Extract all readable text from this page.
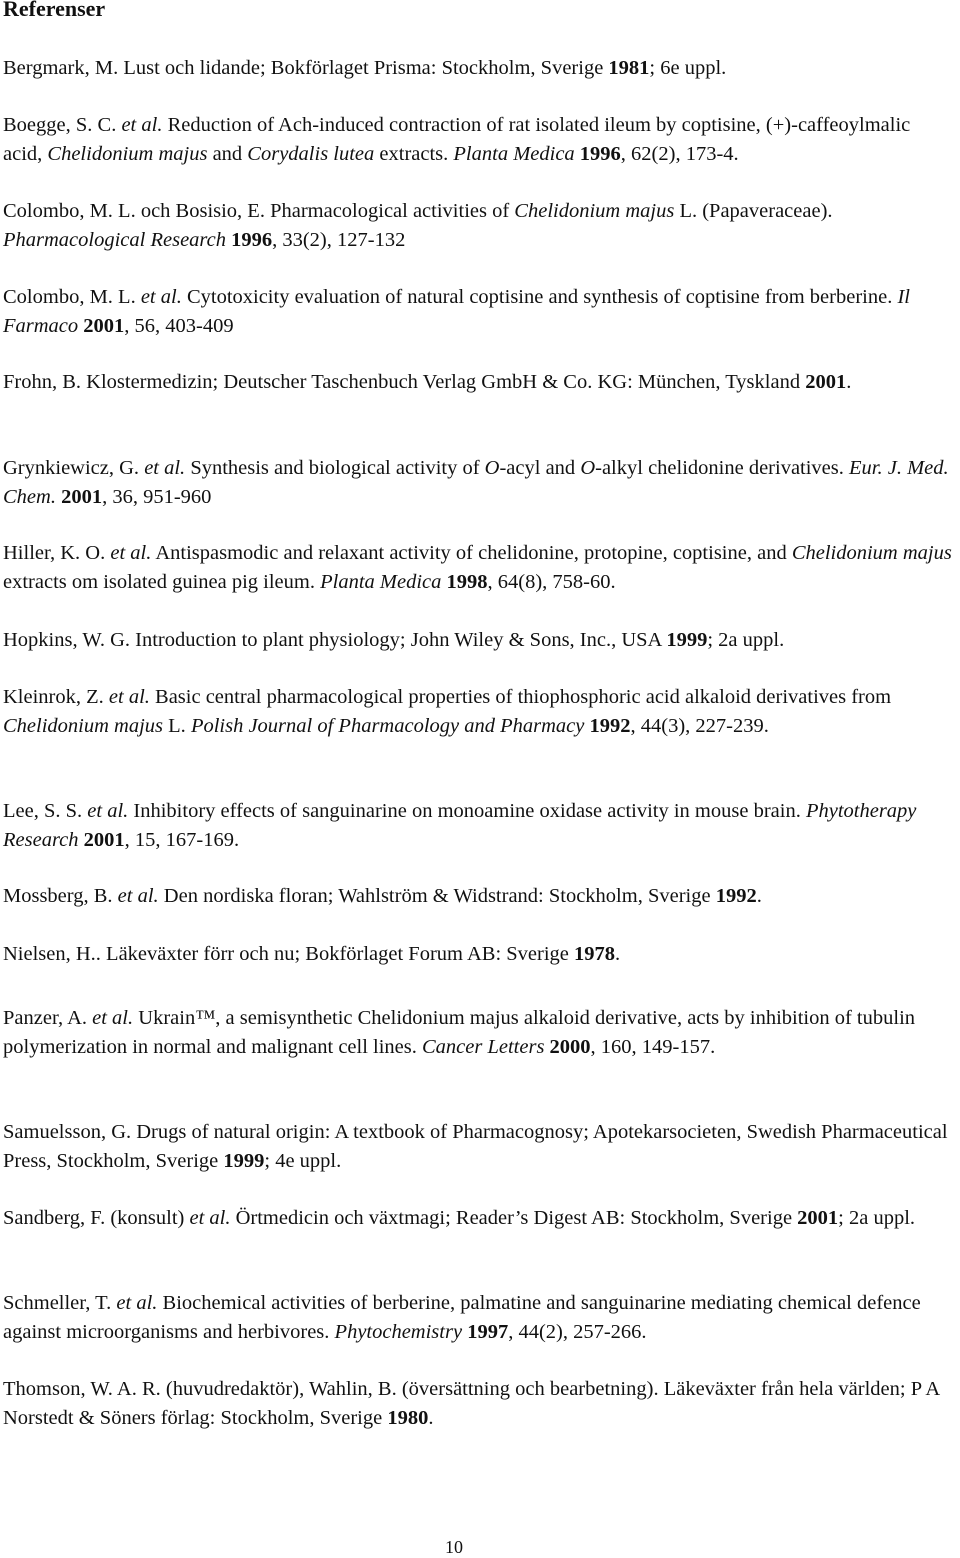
Referenser

Bergmark, M. Lust och lidande; Bokförlaget Prisma: Stockholm, Sverige 1981; 6e uppl.

Boegge, S. C. et al. Reduction of Ach-induced contraction of rat isolated ileum by coptisine, (+)-caffeoylmalic acid, Chelidonium majus and Corydalis lutea extracts. Planta Medica 1996, 62(2), 173-4.

Colombo, M. L. och Bosisio, E. Pharmacological activities of Chelidonium majus L. (Papaveraceae). Pharmacological Research 1996, 33(2), 127-132

Colombo, M. L. et al. Cytotoxicity evaluation of natural coptisine and synthesis of coptisine from berberine. Il Farmaco 2001, 56, 403-409

Frohn, B. Klostermedizin; Deutscher Taschenbuch Verlag GmbH & Co. KG: München, Tyskland 2001.

Grynkiewicz, G. et al. Synthesis and biological activity of O-acyl and O-alkyl chelidonine derivatives. Eur. J. Med. Chem. 2001, 36, 951-960

Hiller, K. O. et al. Antispasmodic and relaxant activity of chelidonine, protopine, coptisine, and Chelidonium majus extracts om isolated guinea pig ileum. Planta Medica 1998, 64(8), 758-60.

Hopkins, W. G. Introduction to plant physiology; John Wiley & Sons, Inc., USA 1999; 2a uppl.

Kleinrok, Z. et al. Basic central pharmacological properties of thiophosphoric acid alkaloid derivatives from Chelidonium majus L. Polish Journal of Pharmacology and Pharmacy 1992, 44(3), 227-239.

Lee, S. S. et al. Inhibitory effects of sanguinarine on monoamine oxidase activity in mouse brain. Phytotherapy Research 2001, 15, 167-169.

Mossberg, B. et al. Den nordiska floran; Wahlström & Widstrand: Stockholm, Sverige 1992.

Nielsen, H.. Läkeväxter förr och nu; Bokförlaget Forum AB: Sverige 1978.

Panzer, A. et al. Ukrain™, a semisynthetic Chelidonium majus alkaloid derivative, acts by inhibition of tubulin polymerization in normal and malignant cell lines. Cancer Letters 2000, 160, 149-157.

Samuelsson, G. Drugs of natural origin: A textbook of Pharmacognosy; Apotekarsocieten, Swedish Pharmaceutical Press, Stockholm, Sverige 1999; 4e uppl.

Sandberg, F. (konsult) et al. Örtmedicin och växtmagi; Reader’s Digest AB: Stockholm, Sverige 2001; 2a uppl.

Schmeller, T. et al. Biochemical activities of berberine, palmatine and sanguinarine mediating chemical defence against microorganisms and herbivores. Phytochemistry 1997, 44(2), 257-266.

Thomson, W. A. R. (huvudredaktör), Wahlin, B. (översättning och bearbetning). Läkeväxter från hela världen; P A Norstedt & Söners förlag: Stockholm, Sverige 1980.

10
